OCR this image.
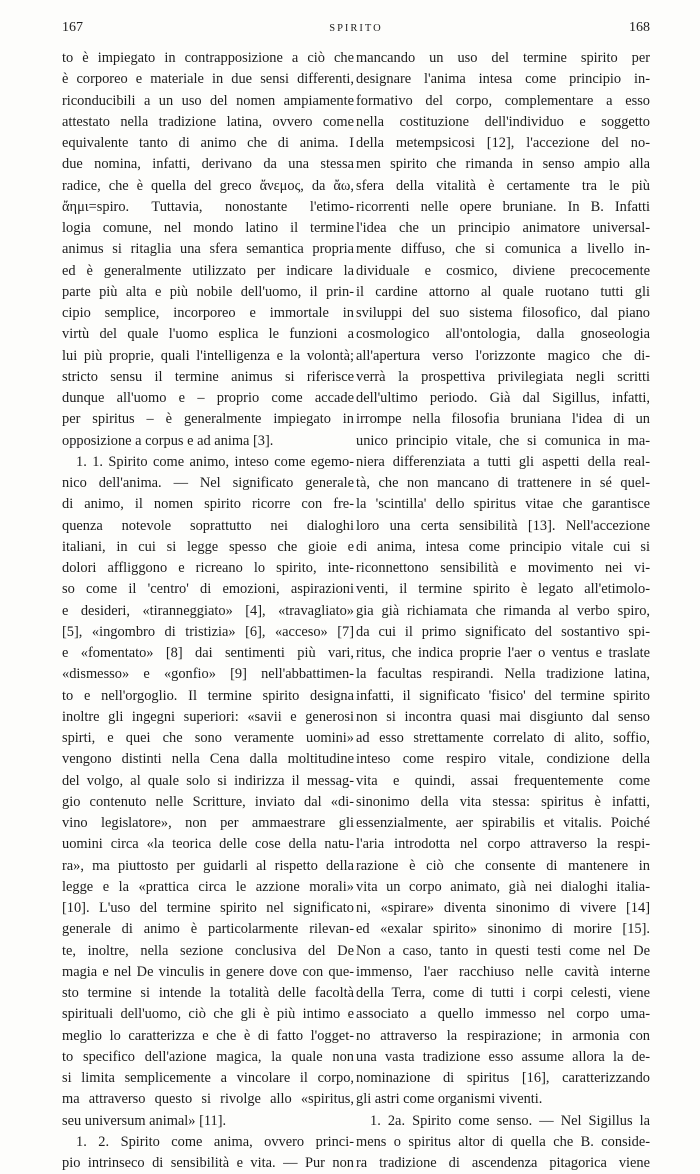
167	SPIRITO	168
to è impiegato in contrapposizione a ciò che
è corporeo e materiale in due sensi differenti,
riconducibili a un uso del nomen ampiamente
attestato nella tradizione latina, ovvero come
equivalente tanto di animo che di anima. I
due nomina, infatti, derivano da una stessa
radice, che è quella del greco ἄνεμος, da ἄω,
ἄημι=spiro. Tuttavia, nonostante l'etimo-
logia comune, nel mondo latino il termine
animus si ritaglia una sfera semantica propria
ed è generalmente utilizzato per indicare la
parte più alta e più nobile dell'uomo, il prin-
cipio semplice, incorporeo e immortale in
virtù del quale l'uomo esplica le funzioni a
lui più proprie, quali l'intelligenza e la volontà;
stricto sensu il termine animus si riferisce
dunque all'uomo e – proprio come accade
per spiritus – è generalmente impiegato in
opposizione a corpus e ad anima [3].
1. 1. Spirito come animo, inteso come egemo-
nico dell'anima. — Nel significato generale
di animo, il nomen spirito ricorre con fre-
quenza notevole soprattutto nei dialoghi
italiani, in cui si legge spesso che gioie e
dolori affliggono e ricreano lo spirito, inte-
so come il 'centro' di emozioni, aspirazioni
e desideri, «tiranneggiato» [4], «travagliato»
[5], «ingombro di tristizia» [6], «acceso» [7]
e «fomentato» [8] dai sentimenti più vari,
«dismesso» e «gonfio» [9] nell'abbattimen-
to e nell'orgoglio. Il termine spirito designa
inoltre gli ingegni superiori: «savii e generosi
spirti, e quei che sono veramente uomini»
vengono distinti nella Cena dalla moltitudine
del volgo, al quale solo si indirizza il messag-
gio contenuto nelle Scritture, inviato dal «di-
vino legislatore», non per ammaestrare gli
uomini circa «la teorica delle cose della natu-
ra», ma piuttosto per guidarli al rispetto della
legge e la «prattica circa le azzione morali»
[10]. L'uso del termine spirito nel significato
generale di animo è particolarmente rilevan-
te, inoltre, nella sezione conclusiva del De
magia e nel De vinculis in genere dove con que-
sto termine si intende la totalità delle facoltà
spirituali dell'uomo, ciò che gli è più intimo e
meglio lo caratterizza e che è di fatto l'ogget-
to specifico dell'azione magica, la quale non
si limita semplicemente a vincolare il corpo,
ma attraverso questo si rivolge allo «spiritus,
seu universum animal» [11].
1. 2. Spirito come anima, ovvero princi-
pio intrinseco di sensibilità e vita. — Pur non
mancando un uso del termine spirito per
designare l'anima intesa come principio in-
formativo del corpo, complementare a esso
nella costituzione dell'individuo e soggetto
della metempsicosi [12], l'accezione del no-
men spirito che rimanda in senso ampio alla
sfera della vitalità è certamente tra le più
ricorrenti nelle opere bruniane. In B. Infatti
l'idea che un principio animatore universal-
mente diffuso, che si comunica a livello in-
dividuale e cosmico, diviene precocemente
il cardine attorno al quale ruotano tutti gli
sviluppi del suo sistema filosofico, dal piano
cosmologico all'ontologia, dalla gnoseologia
all'apertura verso l'orizzonte magico che di-
verrà la prospettiva privilegiata negli scritti
dell'ultimo periodo. Già dal Sigillus, infatti,
irrompe nella filosofia bruniana l'idea di un
unico principio vitale, che si comunica in ma-
niera differenziata a tutti gli aspetti della real-
tà, che non mancano di trattenere in sé quel-
la 'scintilla' dello spiritus vitae che garantisce
loro una certa sensibilità [13]. Nell'accezione
di anima, intesa come principio vitale cui si
riconnettono sensibilità e movimento nei vi-
venti, il termine spirito è legato all'etimolo-
gia già richiamata che rimanda al verbo spiro,
da cui il primo significato del sostantivo spi-
ritus, che indica proprie l'aer o ventus e traslate
la facultas respirandi. Nella tradizione latina,
infatti, il significato 'fisico' del termine spirito
non si incontra quasi mai disgiunto dal senso
ad esso strettamente correlato di alito, soffio,
inteso come respiro vitale, condizione della
vita e quindi, assai frequentemente come
sinonimo della vita stessa: spiritus è infatti,
essenzialmente, aer spirabilis et vitalis. Poiché
l'aria introdotta nel corpo attraverso la respi-
razione è ciò che consente di mantenere in
vita un corpo animato, già nei dialoghi italia-
ni, «spirare» diventa sinonimo di vivere [14]
ed «exalar spirito» sinonimo di morire [15].
Non a caso, tanto in questi testi come nel De
immenso, l'aer racchiuso nelle cavità interne
della Terra, come di tutti i corpi celesti, viene
associato a quello immesso nel corpo uma-
no attraverso la respirazione; in armonia con
una vasta tradizione esso assume allora la de-
nominazione di spiritus [16], caratterizzando
gli astri come organismi viventi.
1. 2a. Spirito come senso. — Nel Sigillus la
mens o spiritus altor di quella che B. conside-
ra tradizione di ascendenza pitagorica viene
